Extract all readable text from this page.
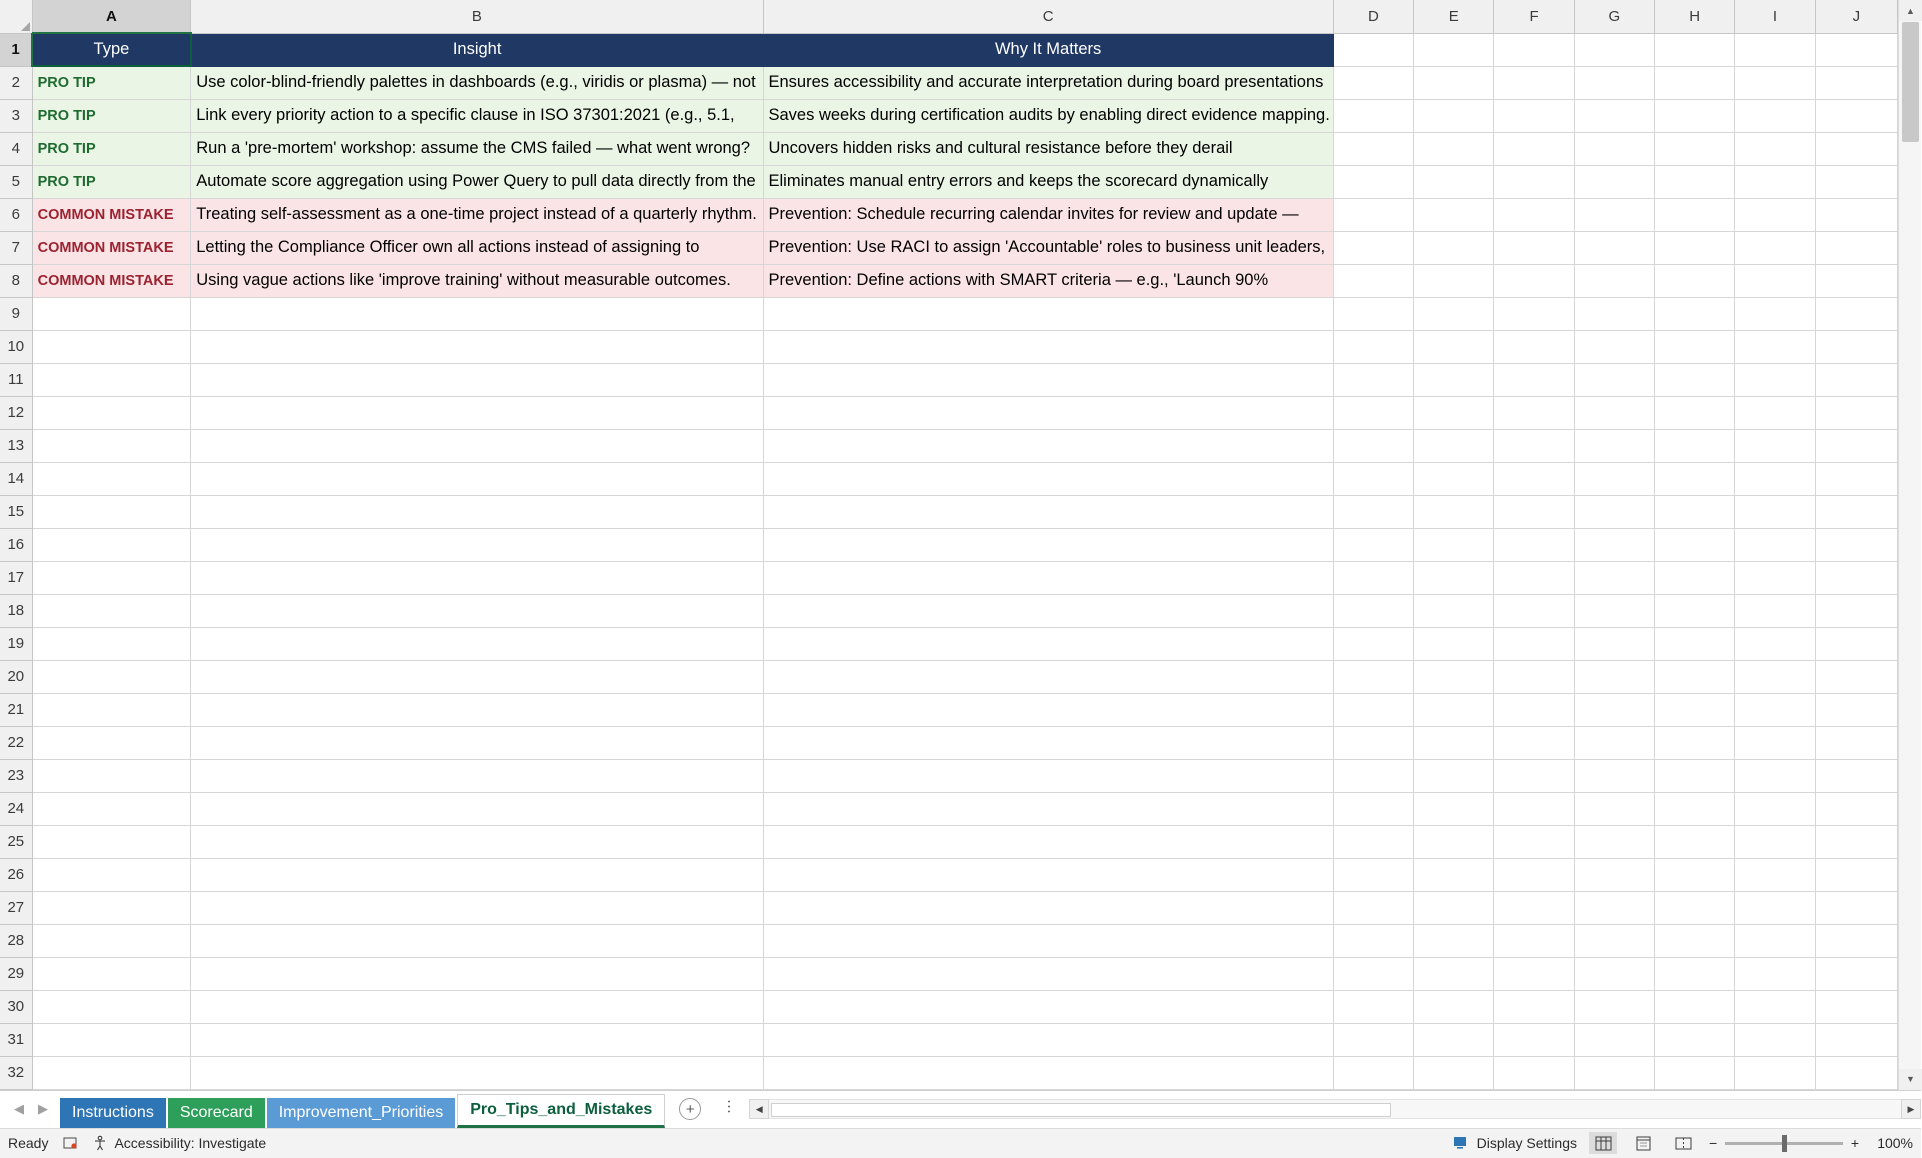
	A	B	C	D	E	F	G	H	I	J
1	Type	Insight	Why It Matters							

2	PRO TIP	Use color-blind-friendly palettes in dashboards (e.g., viridis or plasma) — not	Ensures accessibility and accurate interpretation during board presentations							

3	PRO TIP	Link every priority action to a specific clause in ISO 37301:2021 (e.g., 5.1,	Saves weeks during certification audits by enabling direct evidence mapping.							

4	PRO TIP	Run a 'pre-mortem' workshop: assume the CMS failed — what went wrong?	Uncovers hidden risks and cultural resistance before they derail							

5	PRO TIP	Automate score aggregation using Power Query to pull data directly from the	Eliminates manual entry errors and keeps the scorecard dynamically							

6	COMMON MISTAKE	Treating self-assessment as a one-time project instead of a quarterly rhythm.	Prevention: Schedule recurring calendar invites for review and update —							

7	COMMON MISTAKE	Letting the Compliance Officer own all actions instead of assigning to	Prevention: Use RACI to assign 'Accountable' roles to business unit leaders,							

8	COMMON MISTAKE	Using vague actions like 'improve training' without measurable outcomes.	Prevention: Define actions with SMART criteria — e.g., 'Launch 90%							

9	

10	

11	

12	

13	

14	

15	

16	

17	

18	

19	

20	

21	

22	

23	

24	

25	

26	

27	

28	

29	

30	

31	

32	

▲
▼
◀ ▶	Instructions	Scorecard	Improvement_Priorities	Pro_Tips_and_Mistakes	+	⋯	◀	▶
Ready	Accessibility: Investigate	Display Settings	−	+	100%
